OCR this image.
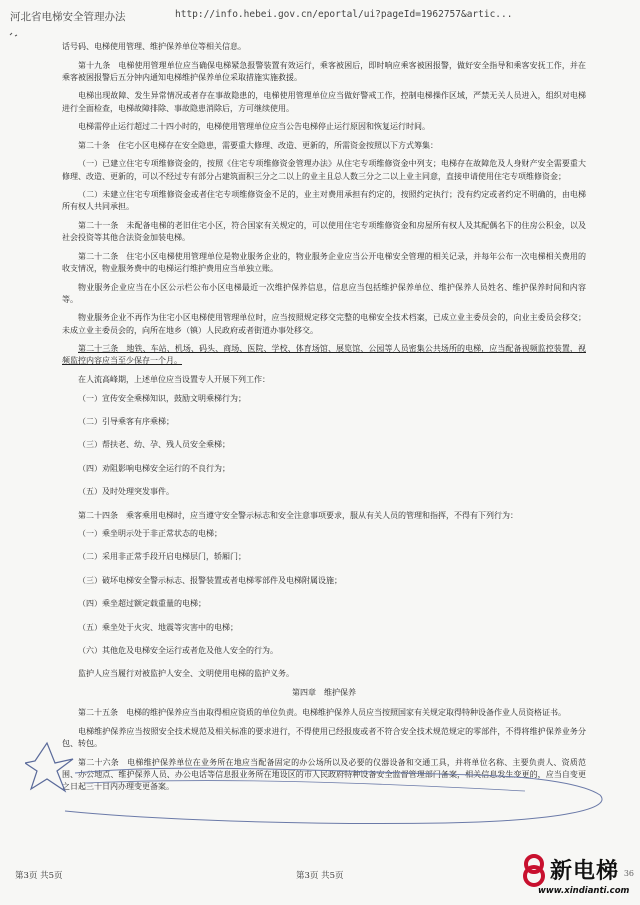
河北省电梯安全管理办法	http://info.hebei.gov.cn/eportal/ui?pageId=1962757&artic...

话号码、电梯使用管理、维护保养单位等相关信息。

第十九条　电梯使用管理单位应当确保电梯紧急报警装置有效运行，乘客被困后，即时响应乘客被困报警，做好安全指导和乘客安抚工作，并在乘客被困报警后五分钟内通知电梯维护保养单位采取措施实施救援。

电梯出现故障、发生异常情况或者存在事故隐患的，电梯使用管理单位应当做好警戒工作，控制电梯操作区域，严禁无关人员进入，组织对电梯进行全面检查，电梯故障排除、事故隐患消除后，方可继续使用。

电梯需停止运行超过二十四小时的，电梯使用管理单位应当公告电梯停止运行原因和恢复运行时间。

第二十条　住宅小区电梯存在安全隐患，需要重大修理、改造、更新的，所需资金按照以下方式筹集：

（一）已建立住宅专项维修资金的，按照《住宅专项维修资金管理办法》从住宅专项维修资金中列支；电梯存在故障危及人身财产安全需要重大修理、改造、更新的，可以不经过专有部分占建筑面积三分之二以上的业主且总人数三分之二以上业主同意，直接申请使用住宅专项维修资金；

（二）未建立住宅专项维修资金或者住宅专项维修资金不足的，业主对费用承担有约定的，按照约定执行；没有约定或者约定不明确的，由电梯所有权人共同承担。

第二十一条　未配备电梯的老旧住宅小区，符合国家有关规定的，可以使用住宅专项维修资金和房屋所有权人及其配偶名下的住房公积金，以及社会投资等其他合法资金加装电梯。

第二十二条　住宅小区电梯使用管理单位是物业服务企业的，物业服务企业应当公开电梯安全管理的相关记录，并每年公布一次电梯相关费用的收支情况，物业服务费中的电梯运行维护费用应当单独立账。

物业服务企业应当在小区公示栏公布小区电梯最近一次维护保养信息，信息应当包括维护保养单位、维护保养人员姓名、维护保养时间和内容等。

物业服务企业不再作为住宅小区电梯使用管理单位时，应当按照规定移交完整的电梯安全技术档案，已成立业主委员会的，向业主委员会移交；未成立业主委员会的，向所在地乡（镇）人民政府或者街道办事处移交。

第二十三条　地铁、车站、机场、码头、商场、医院、学校、体育场馆、展览馆、公园等人员密集公共场所的电梯，应当配备视频监控装置，视频监控内容应当至少保存一个月。

在人流高峰期，上述单位应当设置专人开展下列工作：

（一）宣传安全乘梯知识，鼓励文明乘梯行为；

（二）引导乘客有序乘梯；

（三）帮扶老、幼、孕、残人员安全乘梯；

（四）劝阻影响电梯安全运行的不良行为；

（五）及时处理突发事件。

第二十四条　乘客乘用电梯时，应当遵守安全警示标志和安全注意事项要求，服从有关人员的管理和指挥，不得有下列行为：

（一）乘坐明示处于非正常状态的电梯；

（二）采用非正常手段开启电梯层门，轿厢门；

（三）破坏电梯安全警示标志、报警装置或者电梯零部件及电梯附属设施；

（四）乘坐超过额定载重量的电梯；

（五）乘坐处于火灾、地震等灾害中的电梯；

（六）其他危及电梯安全运行或者危及他人安全的行为。

监护人应当履行对被监护人安全、文明使用电梯的监护义务。

第四章　维护保养

第二十五条　电梯的维护保养应当由取得相应资质的单位负责。电梯维护保养人员应当按照国家有关规定取得特种设备作业人员资格证书。

电梯维护保养应当按照安全技术规范及相关标准的要求进行，不得使用已经报废或者不符合安全技术规范规定的零部件，不得将维护保养业务分包、转包。

第二十六条　电梯维护保养单位在业务所在地应当配备固定的办公场所以及必要的仪器设备和交通工具，并将单位名称、主要负责人、资质范围、办公地点、维护保养人员、办公电话等信息报业务所在地设区的市人民政府特种设备安全监督管理部门备案，相关信息发生变更的，应当自变更之日起三十日内办理变更备案。

第3页 共5页	第3页 共5页	36
新电梯
www.xindianti.com
